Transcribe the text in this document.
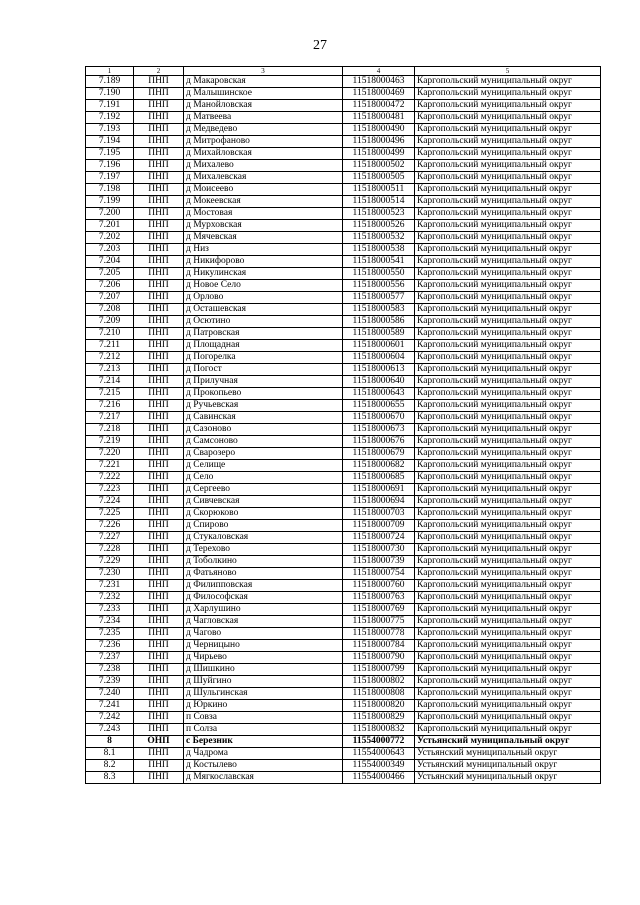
27
1	2	3	4	5
7.189	ПНП	д Макаровская	11518000463	Каргопольский муниципальный округ
7.190	ПНП	д Малышинское	11518000469	Каргопольский муниципальный округ
7.191	ПНП	д Манойловская	11518000472	Каргопольский муниципальный округ
7.192	ПНП	д Матвеева	11518000481	Каргопольский муниципальный округ
7.193	ПНП	д Медведево	11518000490	Каргопольский муниципальный округ
7.194	ПНП	д Митрофаново	11518000496	Каргопольский муниципальный округ
7.195	ПНП	д Михайловская	11518000499	Каргопольский муниципальный округ
7.196	ПНП	д Михалево	11518000502	Каргопольский муниципальный округ
7.197	ПНП	д Михалевская	11518000505	Каргопольский муниципальный округ
7.198	ПНП	д Моисеево	11518000511	Каргопольский муниципальный округ
7.199	ПНП	д Мокеевская	11518000514	Каргопольский муниципальный округ
7.200	ПНП	д Мостовая	11518000523	Каргопольский муниципальный округ
7.201	ПНП	д Мурховская	11518000526	Каргопольский муниципальный округ
7.202	ПНП	д Мячевская	11518000532	Каргопольский муниципальный округ
7.203	ПНП	д Низ	11518000538	Каргопольский муниципальный округ
7.204	ПНП	д Никифорово	11518000541	Каргопольский муниципальный округ
7.205	ПНП	д Никулинская	11518000550	Каргопольский муниципальный округ
7.206	ПНП	д Новое Село	11518000556	Каргопольский муниципальный округ
7.207	ПНП	д Орлово	11518000577	Каргопольский муниципальный округ
7.208	ПНП	д Осташевская	11518000583	Каргопольский муниципальный округ
7.209	ПНП	д Осютино	11518000586	Каргопольский муниципальный округ
7.210	ПНП	д Патровская	11518000589	Каргопольский муниципальный округ
7.211	ПНП	д Площадная	11518000601	Каргопольский муниципальный округ
7.212	ПНП	д Погорелка	11518000604	Каргопольский муниципальный округ
7.213	ПНП	д Погост	11518000613	Каргопольский муниципальный округ
7.214	ПНП	д Прилучная	11518000640	Каргопольский муниципальный округ
7.215	ПНП	д Прокопьево	11518000643	Каргопольский муниципальный округ
7.216	ПНП	д Ручьевская	11518000655	Каргопольский муниципальный округ
7.217	ПНП	д Савинская	11518000670	Каргопольский муниципальный округ
7.218	ПНП	д Сазоново	11518000673	Каргопольский муниципальный округ
7.219	ПНП	д Самсоново	11518000676	Каргопольский муниципальный округ
7.220	ПНП	д Сварозеро	11518000679	Каргопольский муниципальный округ
7.221	ПНП	д Селище	11518000682	Каргопольский муниципальный округ
7.222	ПНП	д Село	11518000685	Каргопольский муниципальный округ
7.223	ПНП	д Сергеево	11518000691	Каргопольский муниципальный округ
7.224	ПНП	д Сивчевская	11518000694	Каргопольский муниципальный округ
7.225	ПНП	д Скорюково	11518000703	Каргопольский муниципальный округ
7.226	ПНП	д Спирово	11518000709	Каргопольский муниципальный округ
7.227	ПНП	д Стукаловская	11518000724	Каргопольский муниципальный округ
7.228	ПНП	д Терехово	11518000730	Каргопольский муниципальный округ
7.229	ПНП	д Тоболкино	11518000739	Каргопольский муниципальный округ
7.230	ПНП	д Фатьяново	11518000754	Каргопольский муниципальный округ
7.231	ПНП	д Филипповская	11518000760	Каргопольский муниципальный округ
7.232	ПНП	д Философская	11518000763	Каргопольский муниципальный округ
7.233	ПНП	д Харлушино	11518000769	Каргопольский муниципальный округ
7.234	ПНП	д Чагловская	11518000775	Каргопольский муниципальный округ
7.235	ПНП	д Чагово	11518000778	Каргопольский муниципальный округ
7.236	ПНП	д Черницыно	11518000784	Каргопольский муниципальный округ
7.237	ПНП	д Чирьево	11518000790	Каргопольский муниципальный округ
7.238	ПНП	д Шишкино	11518000799	Каргопольский муниципальный округ
7.239	ПНП	д Шуйгино	11518000802	Каргопольский муниципальный округ
7.240	ПНП	д Шульгинская	11518000808	Каргопольский муниципальный округ
7.241	ПНП	д Юркино	11518000820	Каргопольский муниципальный округ
7.242	ПНП	п Совза	11518000829	Каргопольский муниципальный округ
7.243	ПНП	п Солза	11518000832	Каргопольский муниципальный округ
8	ОНП	с Березник	11554000772	Устьянский муниципальный округ
8.1	ПНП	д Чадрома	11554000643	Устьянский муниципальный округ
8.2	ПНП	д Костылево	11554000349	Устьянский муниципальный округ
8.3	ПНП	д Мягкославская	11554000466	Устьянский муниципальный округ
